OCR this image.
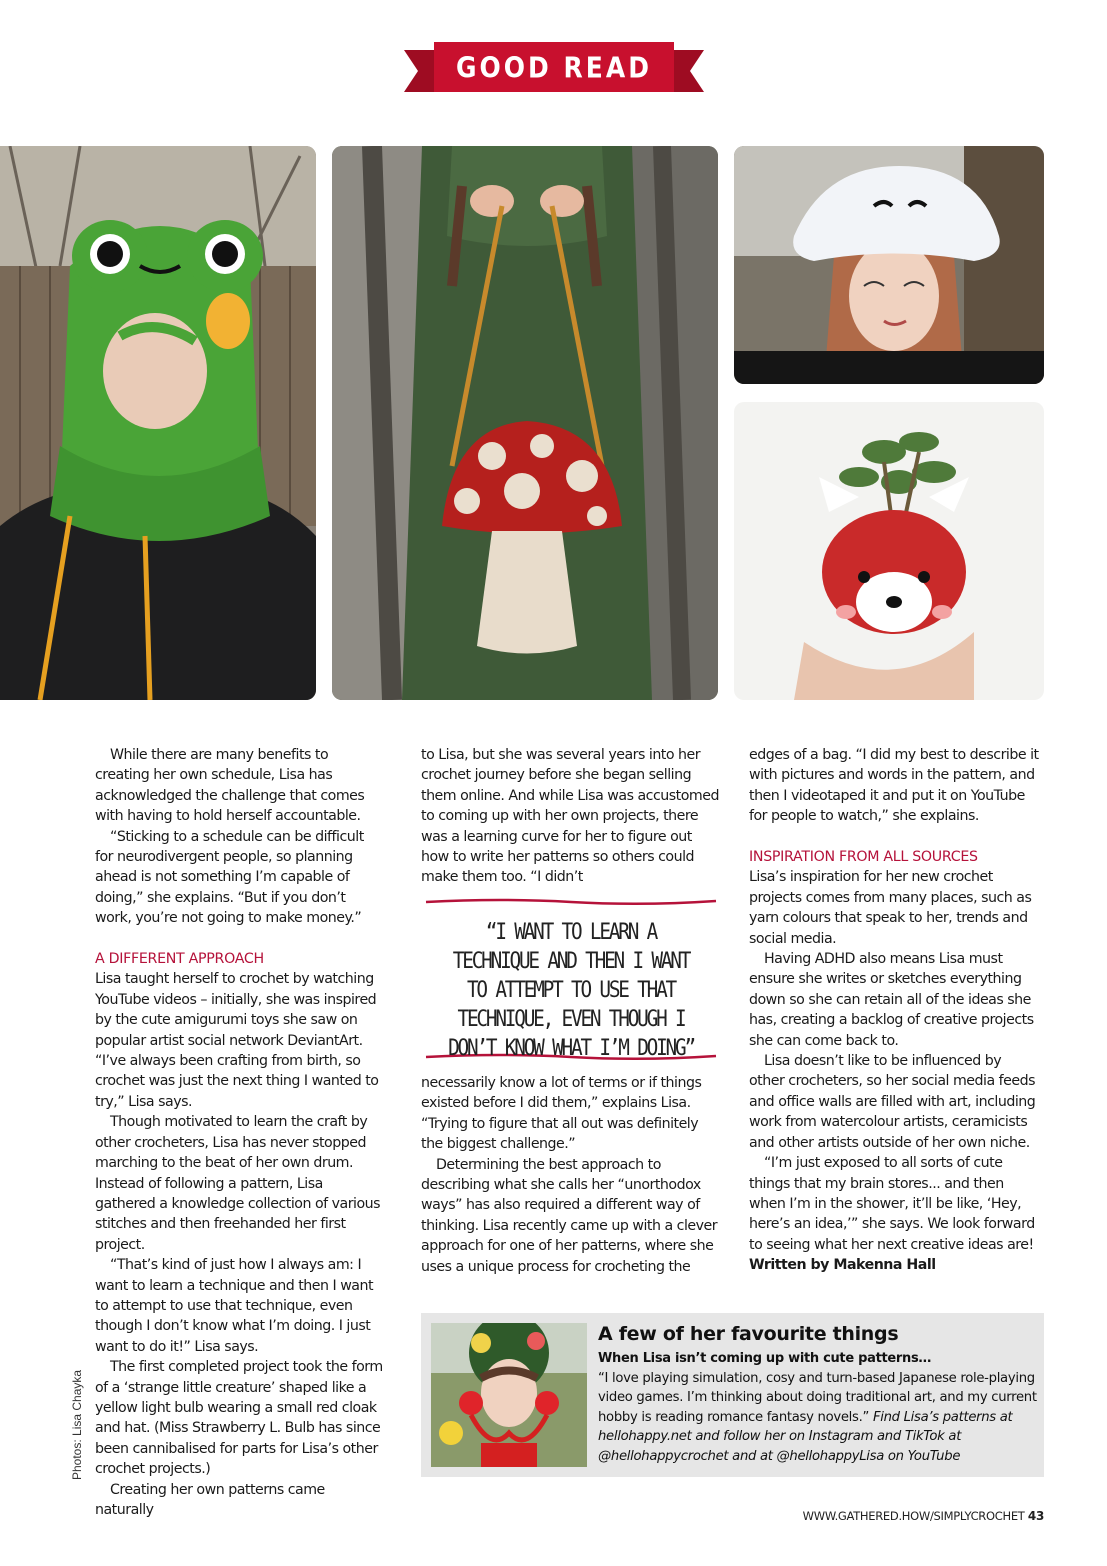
GOOD READ

While there are many benefits to creating her own schedule, Lisa has acknowledged the challenge that comes with having to hold herself accountable.

“Sticking to a schedule can be difficult for neurodivergent people, so planning ahead is not something I’m capable of doing,” she explains. “But if you don’t work, you’re not going to make money.”

A DIFFERENT APPROACH

Lisa taught herself to crochet by watching YouTube videos – initially, she was inspired by the cute amigurumi toys she saw on popular artist social network DeviantArt. “I’ve always been crafting from birth, so crochet was just the next thing I wanted to try,” Lisa says.

Though motivated to learn the craft by other crocheters, Lisa has never stopped marching to the beat of her own drum. Instead of following a pattern, Lisa gathered a knowledge collection of various stitches and then freehanded her first project.

“That’s kind of just how I always am: I want to learn a technique and then I want to attempt to use that technique, even though I don’t know what I’m doing. I just want to do it!” Lisa says.

The first completed project took the form of a ‘strange little creature’ shaped like a yellow light bulb wearing a small red cloak and hat. (Miss Strawberry L. Bulb has since been cannibalised for parts for Lisa’s other crochet projects.)

Creating her own patterns came naturally

to Lisa, but she was several years into her crochet journey before she began selling them online. And while Lisa was accustomed to coming up with her own projects, there was a learning curve for her to figure out how to write her patterns so others could make them too. “I didn’t

“I WANT TO LEARN A TECHNIQUE AND THEN I WANT TO ATTEMPT TO USE THAT TECHNIQUE, EVEN THOUGH I DON’T KNOW WHAT I’M DOING”

necessarily know a lot of terms or if things existed before I did them,” explains Lisa. “Trying to figure that all out was definitely the biggest challenge.”

Determining the best approach to describing what she calls her “unorthodox ways” has also required a different way of thinking. Lisa recently came up with a clever approach for one of her patterns, where she uses a unique process for crocheting the

edges of a bag. “I did my best to describe it with pictures and words in the pattern, and then I videotaped it and put it on YouTube for people to watch,” she explains.

INSPIRATION FROM ALL SOURCES

Lisa’s inspiration for her new crochet projects comes from many places, such as yarn colours that speak to her, trends and social media.

Having ADHD also means Lisa must ensure she writes or sketches everything down so she can retain all of the ideas she has, creating a backlog of creative projects she can come back to.

Lisa doesn’t like to be influenced by other crocheters, so her social media feeds and office walls are filled with art, including work from watercolour artists, ceramicists and other artists outside of her own niche.

“I’m just exposed to all sorts of cute things that my brain stores... and then when I’m in the shower, it’ll be like, ‘Hey, here’s an idea,’” she says. We look forward to seeing what her next creative ideas are!

Written by Makenna Hall

Photos: Lisa Chayka
A few of her favourite things
When Lisa isn’t coming up with cute patterns…
“I love playing simulation, cosy and turn-based Japanese role-playing video games. I’m thinking about doing traditional art, and my current hobby is reading romance fantasy novels.” Find Lisa’s patterns at hellohappy.net and follow her on Instagram and TikTok at @hellohappycrochet and at @hellohappyLisa on YouTube
WWW.GATHERED.HOW/SIMPLYCROCHET 43
